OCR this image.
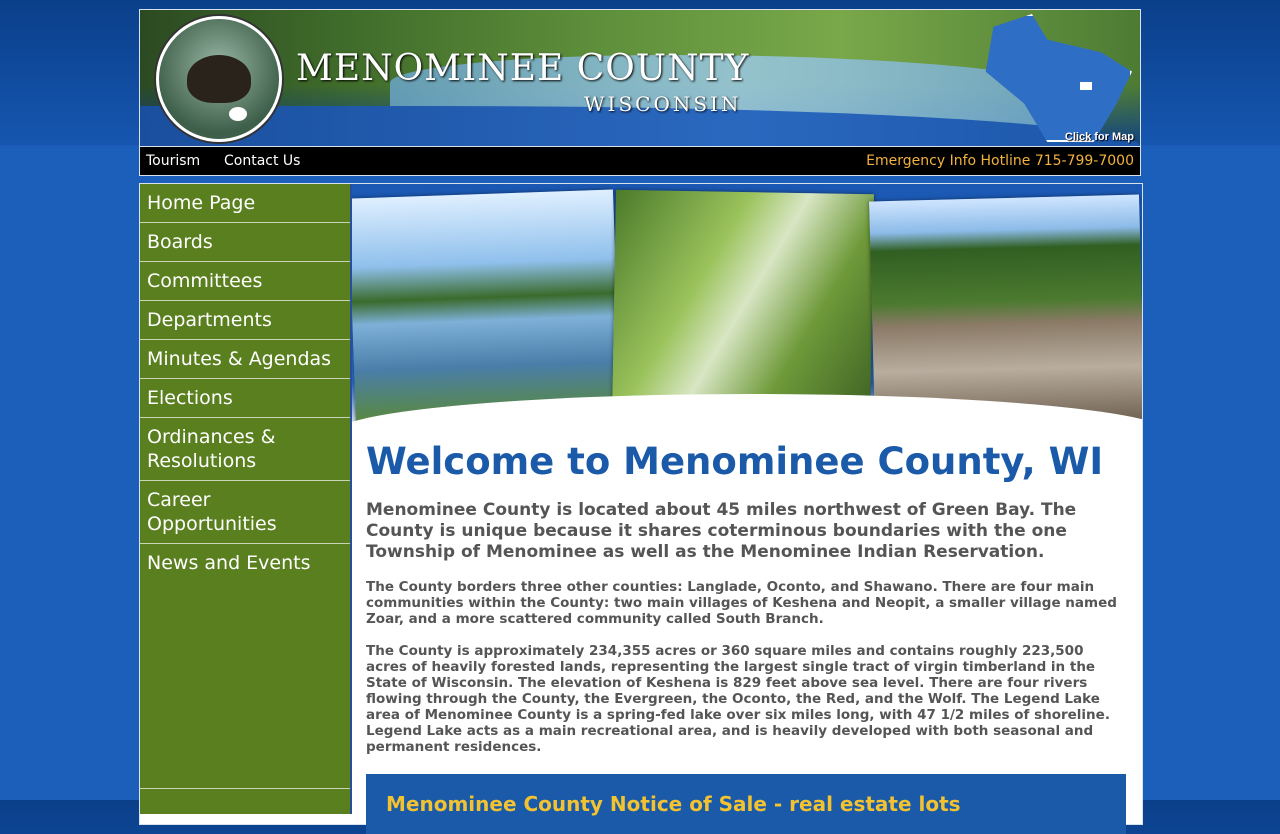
MENOMINEE COUNTY
WISCONSIN
Click for Map
Tourism Contact Us	Emergency Info Hotline 715-799-7000
Home Page
Boards
Committees
Departments
Minutes & Agendas
Elections
Ordinances & Resolutions
Career Opportunities
News and Events
Welcome to Menominee County, WI

Menominee County is located about 45 miles northwest of Green Bay. The County is unique because it shares coterminous boundaries with the one Township of Menominee as well as the Menominee Indian Reservation.

The County borders three other counties: Langlade, Oconto, and Shawano. There are four main communities within the County: two main villages of Keshena and Neopit, a smaller village named Zoar, and a more scattered community called South Branch.

The County is approximately 234,355 acres or 360 square miles and contains roughly 223,500 acres of heavily forested lands, representing the largest single tract of virgin timberland in the State of Wisconsin. The elevation of Keshena is 829 feet above sea level. There are four rivers flowing through the County, the Evergreen, the Oconto, the Red, and the Wolf. The Legend Lake area of Menominee County is a spring-fed lake over six miles long, with 47 1/2 miles of shoreline. Legend Lake acts as a main recreational area, and is heavily developed with both seasonal and permanent residences.

Menominee County Notice of Sale - real estate lots
